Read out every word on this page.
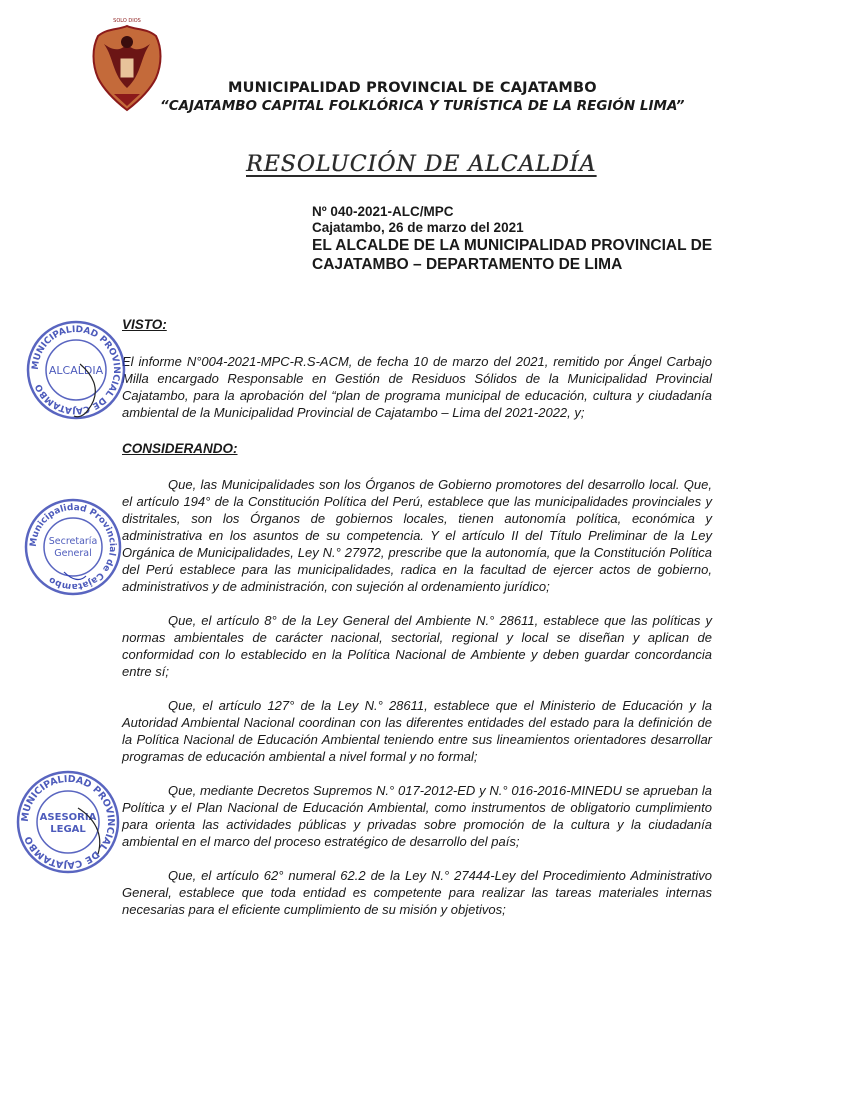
SOLO DIOS
MUNICIPALIDAD PROVINCIAL DE CAJATAMBO
“CAJATAMBO CAPITAL FOLKLÓRICA Y TURÍSTICA DE LA REGIÓN LIMA”
RESOLUCIÓN DE ALCALDÍA
Nº 040-2021-ALC/MPC
Cajatambo, 26 de marzo del 2021
EL ALCALDE DE LA MUNICIPALIDAD PROVINCIAL DE
CAJATAMBO – DEPARTAMENTO DE LIMA
VISTO:

El informe N°004-2021-MPC-R.S-ACM, de fecha 10 de marzo del 2021, remitido por Ángel Carbajo Milla encargado Responsable en Gestión de Residuos Sólidos de la Municipalidad Provincial Cajatambo, para la aprobación del “plan de programa municipal de educación, cultura y ciudadanía ambiental de la Municipalidad Provincial de Cajatambo – Lima del 2021-2022, y;

CONSIDERANDO:

Que, las Municipalidades son los Órganos de Gobierno promotores del desarrollo local. Que, el artículo 194° de la Constitución Política del Perú, establece que las municipalidades provinciales y distritales, son los Órganos de gobiernos locales, tienen autonomía política, económica y administrativa en los asuntos de su competencia. Y el artículo II del Título Preliminar de la Ley Orgánica de Municipalidades, Ley N.° 27972, prescribe que la autonomía, que la Constitución Política del Perú establece para las municipalidades, radica en la facultad de ejercer actos de gobierno, administrativos y de administración, con sujeción al ordenamiento jurídico;

Que, el artículo 8° de la Ley General del Ambiente N.° 28611, establece que las políticas y normas ambientales de carácter nacional, sectorial, regional y local se diseñan y aplican de conformidad con lo establecido en la Política Nacional de Ambiente y deben guardar concordancia entre sí;

Que, el artículo 127° de la Ley N.° 28611, establece que el Ministerio de Educación y la Autoridad Ambiental Nacional coordinan con las diferentes entidades del estado para la definición de la Política Nacional de Educación Ambiental teniendo entre sus lineamientos orientadores desarrollar programas de educación ambiental a nivel formal y no formal;

Que, mediante Decretos Supremos N.° 017-2012-ED y N.° 016-2016-MINEDU se aprueban la Política y el Plan Nacional de Educación Ambiental, como instrumentos de obligatorio cumplimiento para orienta las actividades públicas y privadas sobre promoción de la cultura y la ciudadanía ambiental en el marco del proceso estratégico de desarrollo del país;

Que, el artículo 62° numeral 62.2 de la Ley N.° 27444-Ley del Procedimiento Administrativo General, establece que toda entidad es competente para realizar las tareas materiales internas necesarias para el eficiente cumplimiento de su misión y objetivos;

MUNICIPALIDAD PROVINCIAL DE CAJATAMBO
ALCALDIA
Municipalidad Provincial de Cajatambo
Secretaría
General
MUNICIPALIDAD PROVINCIAL DE CAJATAMBO
ASESORIA
LEGAL
